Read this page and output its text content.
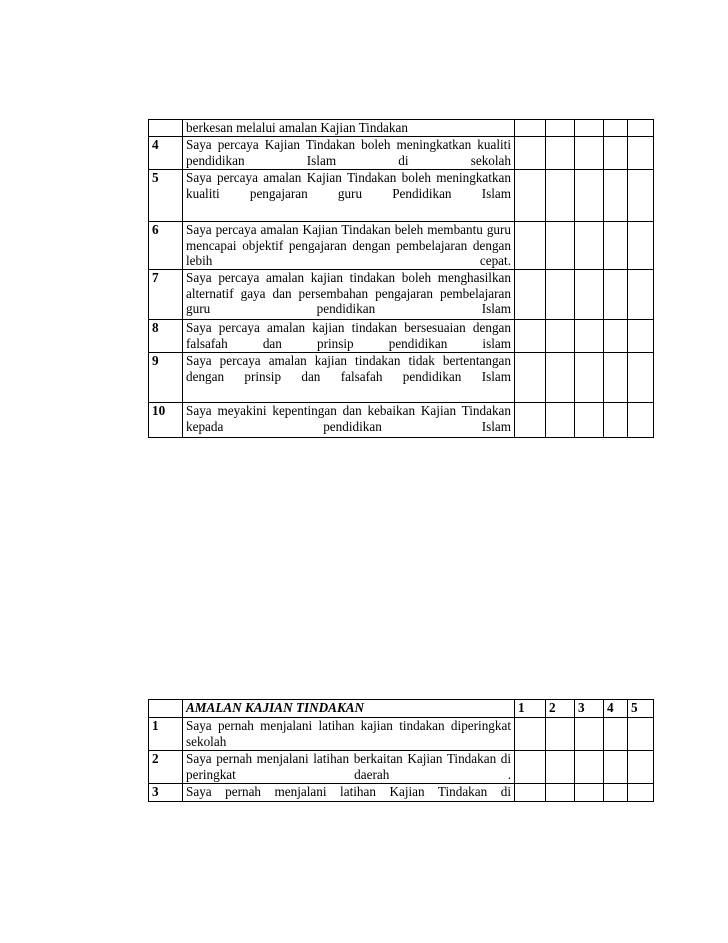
	berkesan melalui amalan Kajian Tindakan					
4	Saya percaya Kajian Tindakan boleh meningkatkan kualiti pendidikan Islam di sekolah					
5	Saya percaya amalan Kajian Tindakan boleh meningkatkan kualiti pengajaran guru Pendidikan Islam					
6	Saya percaya amalan Kajian Tindakan beleh membantu guru mencapai objektif pengajaran dengan pembelajaran dengan lebih cepat.					
7	Saya percaya amalan kajian tindakan boleh menghasilkan alternatif gaya dan persembahan pengajaran pembelajaran guru pendidikan Islam					
8	Saya percaya amalan kajian tindakan bersesuaian dengan falsafah dan prinsip pendidikan islam					
9	Saya percaya amalan kajian tindakan tidak bertentangan dengan prinsip dan falsafah pendidikan Islam					
10	Saya meyakini kepentingan dan kebaikan Kajian Tindakan kepada pendidikan Islam					
	AMALAN KAJIAN TINDAKAN	1	2	3	4	5
1	Saya pernah menjalani latihan kajian tindakan diperingkat sekolah					
2	Saya pernah menjalani latihan berkaitan Kajian Tindakan di peringkat daerah .					
3	Saya pernah menjalani latihan Kajian Tindakan di					
